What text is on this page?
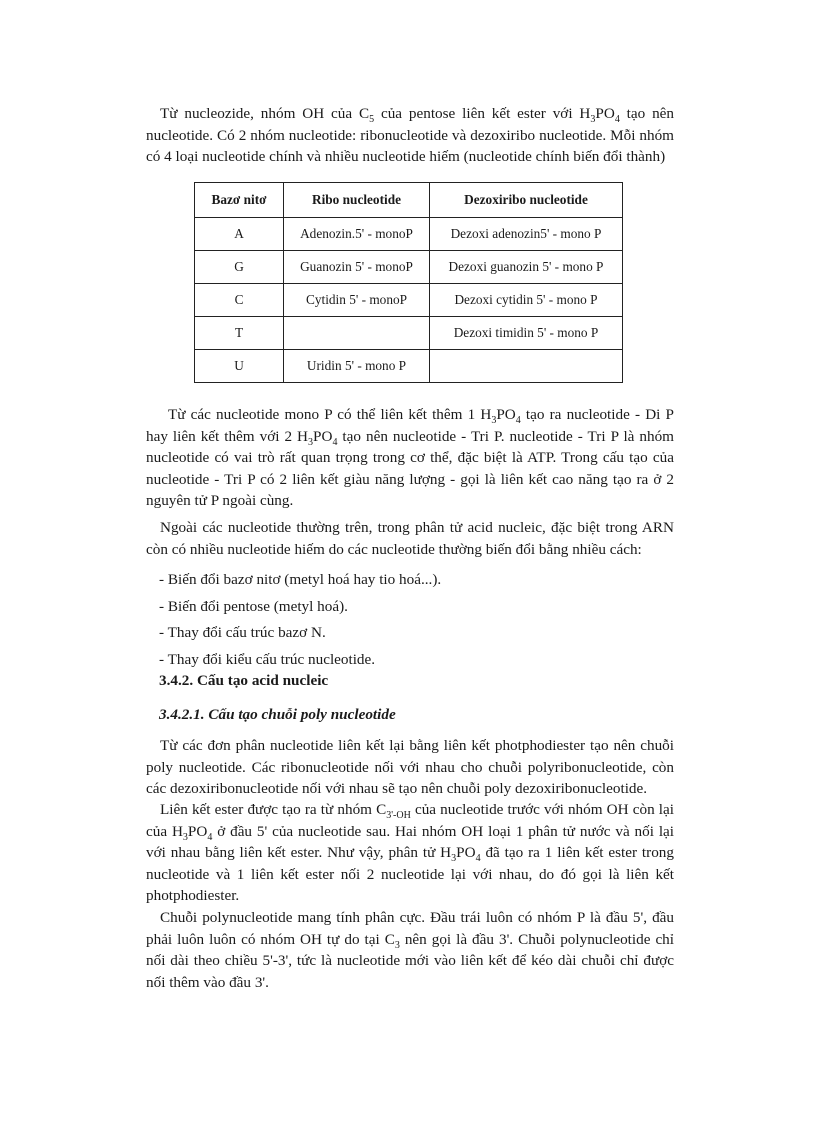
Từ nucleozide, nhóm OH của $C_5$ của pentose liên kết ester với $H_3PO_4$ tạo nên nucleotide. Có 2 nhóm nucleotide: ribonucleotide và dezoxiribo nucleotide. Mỗi nhóm có 4 loại nucleotide chính và nhiều nucleotide hiếm (nucleotide chính biến đổi thành)

Bazơ nitơ	Ribo nucleotide	Dezoxiribo nucleotide
A	Adenozin.5' - monoP	Dezoxi adenozin5' - mono P
G	Guanozin 5' - monoP	Dezoxi guanozin 5' - mono P
C	Cytidin 5' - monoP	Dezoxi cytidin 5' - mono P
T		Dezoxi timidin 5' - mono P
U	Uridin 5' - mono P	

Từ các nucleotide mono P có thể liên kết thêm 1 $H_3PO_4$ tạo ra nucleotide - Di P hay liên kết thêm với 2 $H_3PO_4$ tạo nên nucleotide - Tri P. nucleotide - Tri P là nhóm nucleotide có vai trò rất quan trọng trong cơ thể, đặc biệt là ATP. Trong cấu tạo của nucleotide - Tri P có 2 liên kết giàu năng lượng - gọi là liên kết cao năng tạo ra ở 2 nguyên tử P ngoài cùng.

Ngoài các nucleotide thường trên, trong phân tử acid nucleic, đặc biệt trong ARN còn có nhiều nucleotide hiếm do các nucleotide thường biến đổi bằng nhiều cách:

- Biến đổi bazơ nitơ (metyl hoá hay tio hoá...).
- Biến đổi pentose (metyl hoá).
- Thay đổi cấu trúc bazơ N.
- Thay đổi kiểu cấu trúc nucleotide.
3.4.2. Cấu tạo acid nucleic
3.4.2.1. Cấu tạo chuỗi poly nucleotide

Từ các đơn phân nucleotide liên kết lại bằng liên kết photphodiester tạo nên chuỗi poly nucleotide. Các ribonucleotide nối với nhau cho chuỗi polyribonucleotide, còn các dezoxiribonucleotide nối với nhau sẽ tạo nên chuỗi poly dezoxiribonucleotide.

Liên kết ester được tạo ra từ nhóm $C_{3'-OH}$ của nucleotide trước với nhóm OH còn lại của $H_3PO_4$ ở đầu 5' của nucleotide sau. Hai nhóm OH loại 1 phân tử nước và nối lại với nhau bằng liên kết ester. Như vậy, phân tử $H_3PO_4$ đã tạo ra 1 liên kết ester trong nucleotide và 1 liên kết ester nối 2 nucleotide lại với nhau, do đó gọi là liên kết photphodiester.

Chuỗi polynucleotide mang tính phân cực. Đầu trái luôn có nhóm P là đầu 5', đầu phải luôn luôn có nhóm OH tự do tại $C_3$ nên gọi là đầu 3'. Chuỗi polynucleotide chỉ nối dài theo chiều 5'-3', tức là nucleotide mới vào liên kết để kéo dài chuỗi chỉ được nối thêm vào đầu 3'.
